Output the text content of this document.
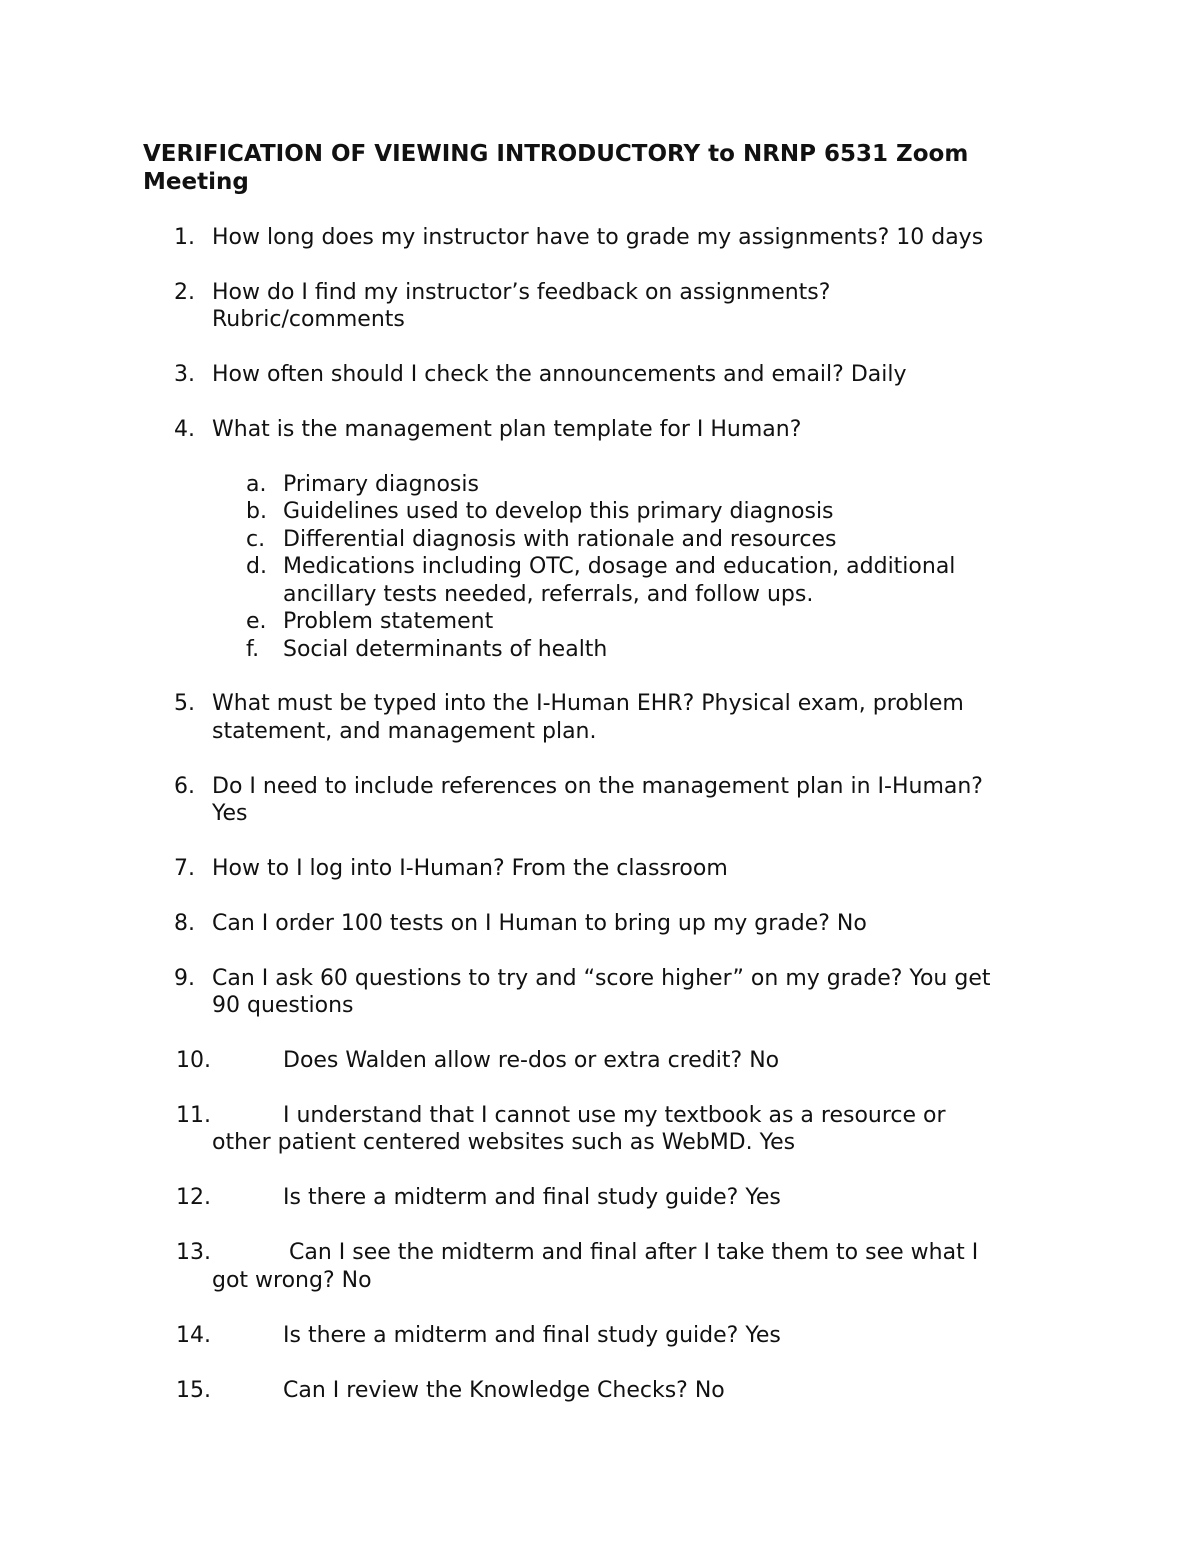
VERIFICATION OF VIEWING INTRODUCTORY to NRNP 6531 Zoom Meeting
1. How long does my instructor have to grade my assignments? 10 days
2. How do I find my instructor’s feedback on assignments?
Rubric/comments
3. How often should I check the announcements and email? Daily
4. What is the management plan template for I Human?
a. Primary diagnosis
b. Guidelines used to develop this primary diagnosis
c. Differential diagnosis with rationale and resources
d. Medications including OTC, dosage and education, additional
ancillary tests needed, referrals, and follow ups.
e. Problem statement
f. Social determinants of health
5. What must be typed into the I-Human EHR? Physical exam, problem
statement, and management plan.
6. Do I need to include references on the management plan in I-Human?
Yes
7. How to I log into I-Human? From the classroom
8. Can I order 100 tests on I Human to bring up my grade? No
9. Can I ask 60 questions to try and “score higher” on my grade? You get
90 questions
10.	Does Walden allow re-dos or extra credit? No
11.	I understand that I cannot use my textbook as a resource or
other patient centered websites such as WebMD. Yes
12.	Is there a midterm and final study guide? Yes
13.	Can I see the midterm and final after I take them to see what I
got wrong? No
14.	Is there a midterm and final study guide? Yes
15.	Can I review the Knowledge Checks? No
